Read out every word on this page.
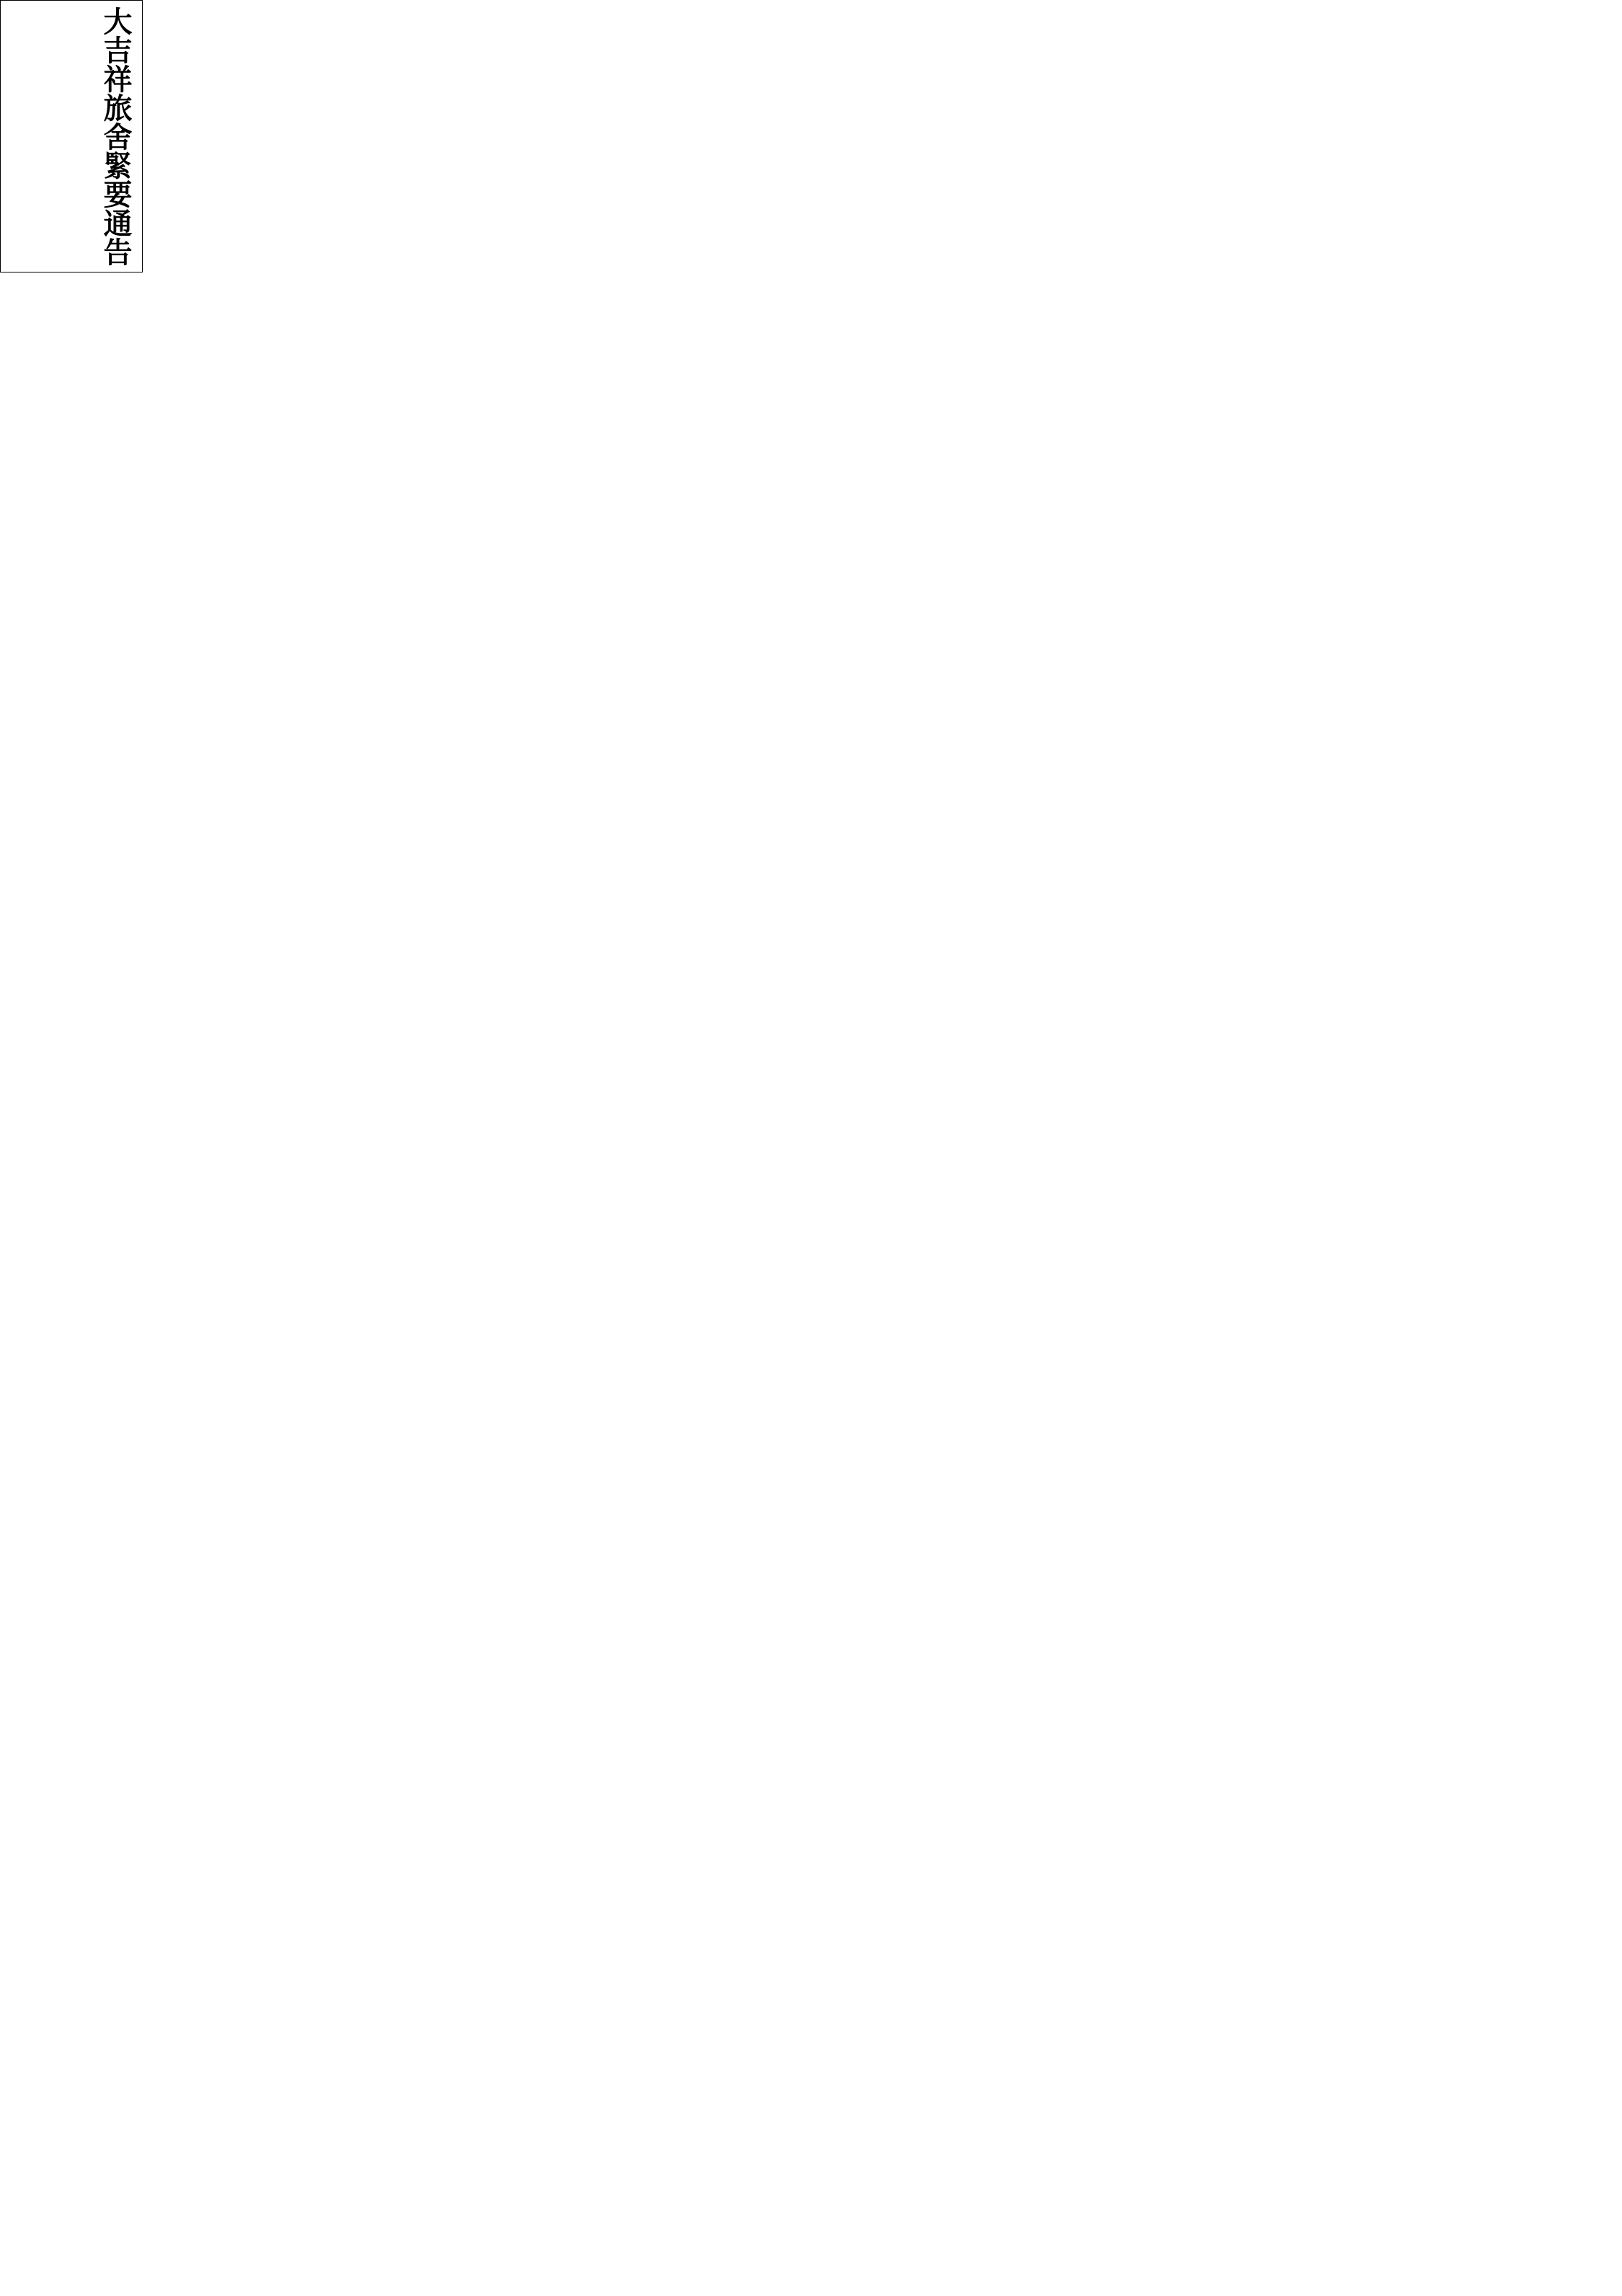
大吉祥旅舍緊要通告
